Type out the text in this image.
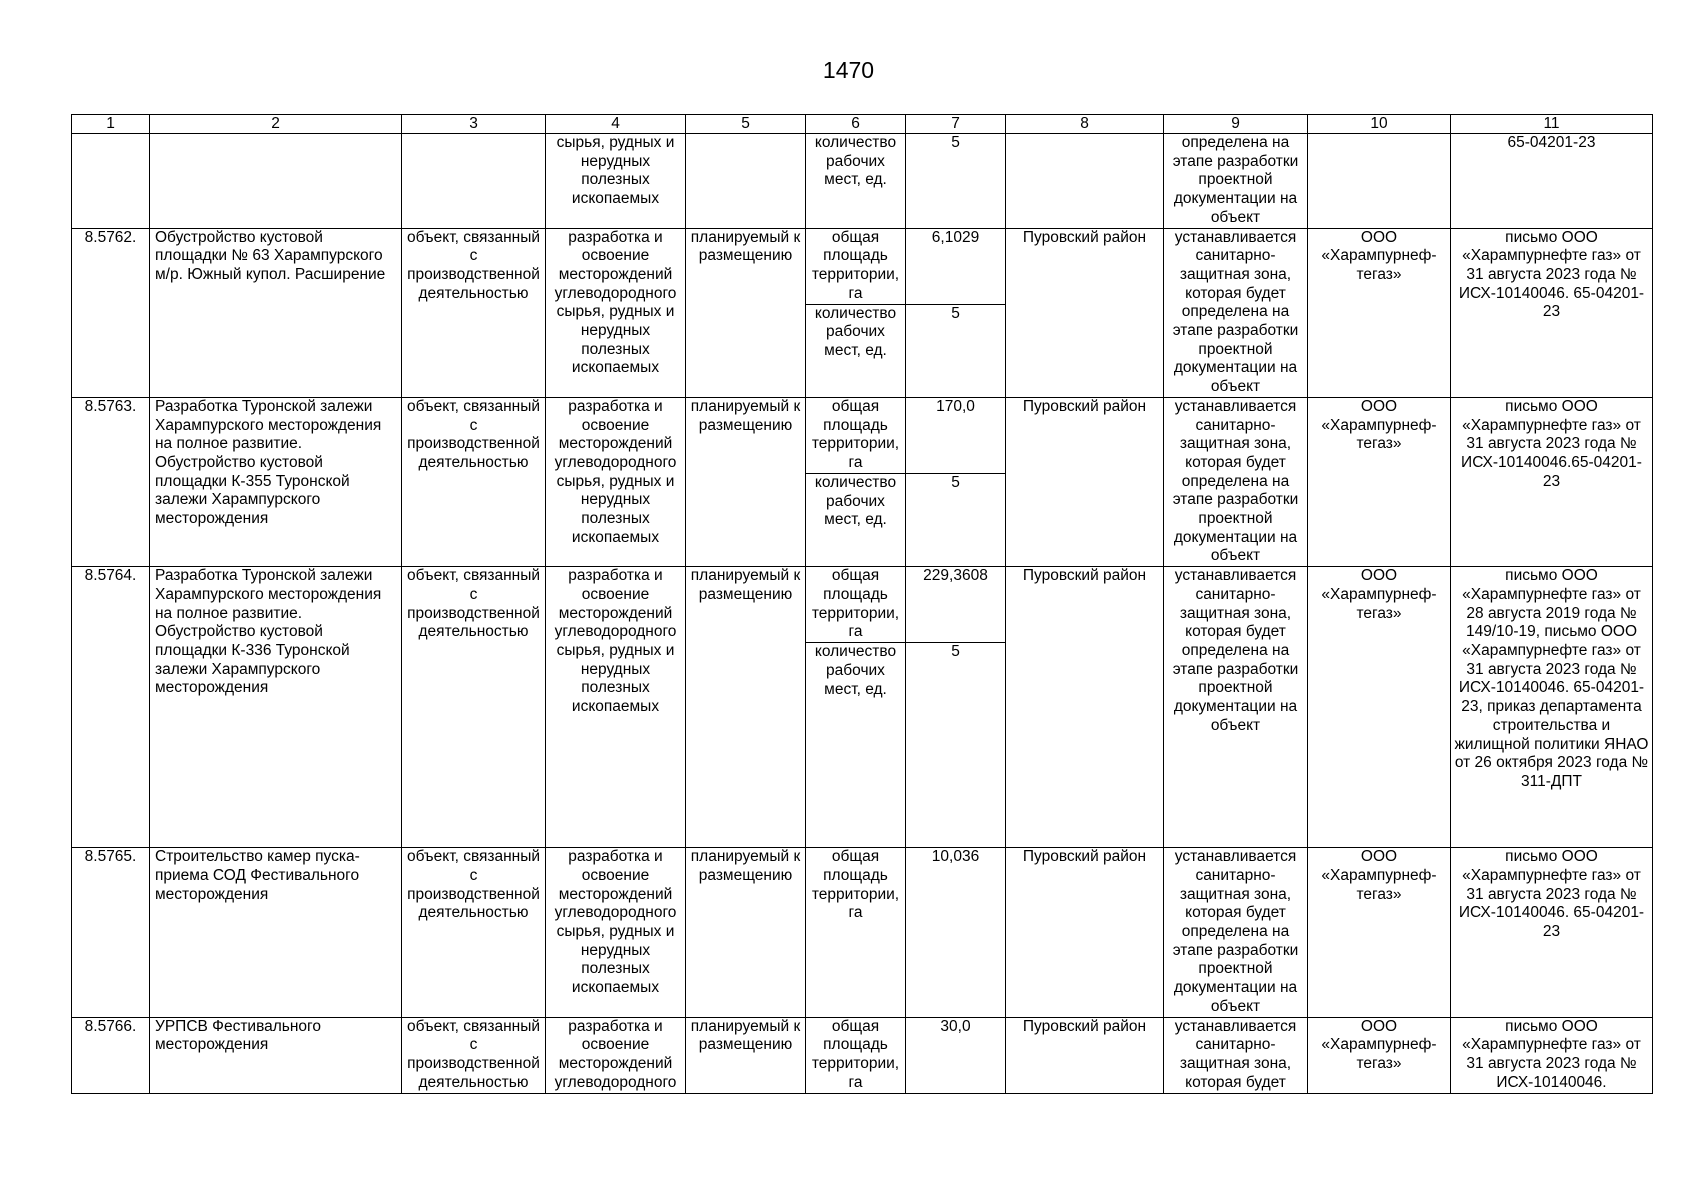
1470
1	2	3	4	5	6	7	8	9	10	11
			сырья, рудных и нерудных полезных ископаемых		количество рабочих мест, ед.	5		определена на этапе разработки проектной документации на объект		65-04201-23
8.5762.	Обустройство кустовой площадки № 63 Харампурского м/р. Южный купол. Расширение	объект, связанный с производственной деятельностью	разработка и освоение месторождений углеводородного сырья, рудных и нерудных полезных ископаемых	планируемый к размещению	общая площадь территории, га	6,1029	Пуровский район	устанавливается санитарно-защитная зона, которая будет определена на этапе разработки проектной документации на объект	ООО «Харампурнеф-тегаз»	письмо ООО «Харампурнефте газ» от 31 августа 2023 года № ИСХ-10140046. 65-04201-23
					количество рабочих мест, ед.	5				
8.5763.	Разработка Туронской залежи Харампурского месторождения на полное развитие. Обустройство кустовой площадки К-355 Туронской залежи Харампурского месторождения	объект, связанный с производственной деятельностью	разработка и освоение месторождений углеводородного сырья, рудных и нерудных полезных ископаемых	планируемый к размещению	общая площадь территории, га	170,0	Пуровский район	устанавливается санитарно-защитная зона, которая будет определена на этапе разработки проектной документации на объект	ООО «Харампурнеф-тегаз»	письмо ООО «Харампурнефте газ» от 31 августа 2023 года № ИСХ-10140046.65-04201-23
					количество рабочих мест, ед.	5				
8.5764.	Разработка Туронской залежи Харампурского месторождения на полное развитие. Обустройство кустовой площадки К-336 Туронской залежи Харампурского месторождения	объект, связанный с производственной деятельностью	разработка и освоение месторождений углеводородного сырья, рудных и нерудных полезных ископаемых	планируемый к размещению	общая площадь территории, га	229,3608	Пуровский район	устанавливается санитарно-защитная зона, которая будет определена на этапе разработки проектной документации на объект	ООО «Харампурнеф-тегаз»	письмо ООО «Харампурнефте газ» от 28 августа 2019 года № 149/10-19, письмо ООО «Харампурнефте газ» от 31 августа 2023 года № ИСХ-10140046. 65-04201-23, приказ департамента строительства и жилищной политики ЯНАО от 26 октября 2023 года № 311-ДПТ
					количество рабочих мест, ед.	5				
8.5765.	Строительство камер пуска-приема СОД Фестивального месторождения	объект, связанный с производственной деятельностью	разработка и освоение месторождений углеводородного сырья, рудных и нерудных полезных ископаемых	планируемый к размещению	общая площадь территории, га	10,036	Пуровский район	устанавливается санитарно-защитная зона, которая будет определена на этапе разработки проектной документации на объект	ООО «Харампурнеф-тегаз»	письмо ООО «Харампурнефте газ» от 31 августа 2023 года № ИСХ-10140046. 65-04201-23
8.5766.	УРПСВ Фестивального месторождения	объект, связанный с производственной деятельностью	разработка и освоение месторождений углеводородного	планируемый к размещению	общая площадь территории, га	30,0	Пуровский район	устанавливается санитарно-защитная зона, которая будет	ООО «Харампурнеф-тегаз»	письмо ООО «Харампурнефте газ» от 31 августа 2023 года № ИСХ-10140046.
